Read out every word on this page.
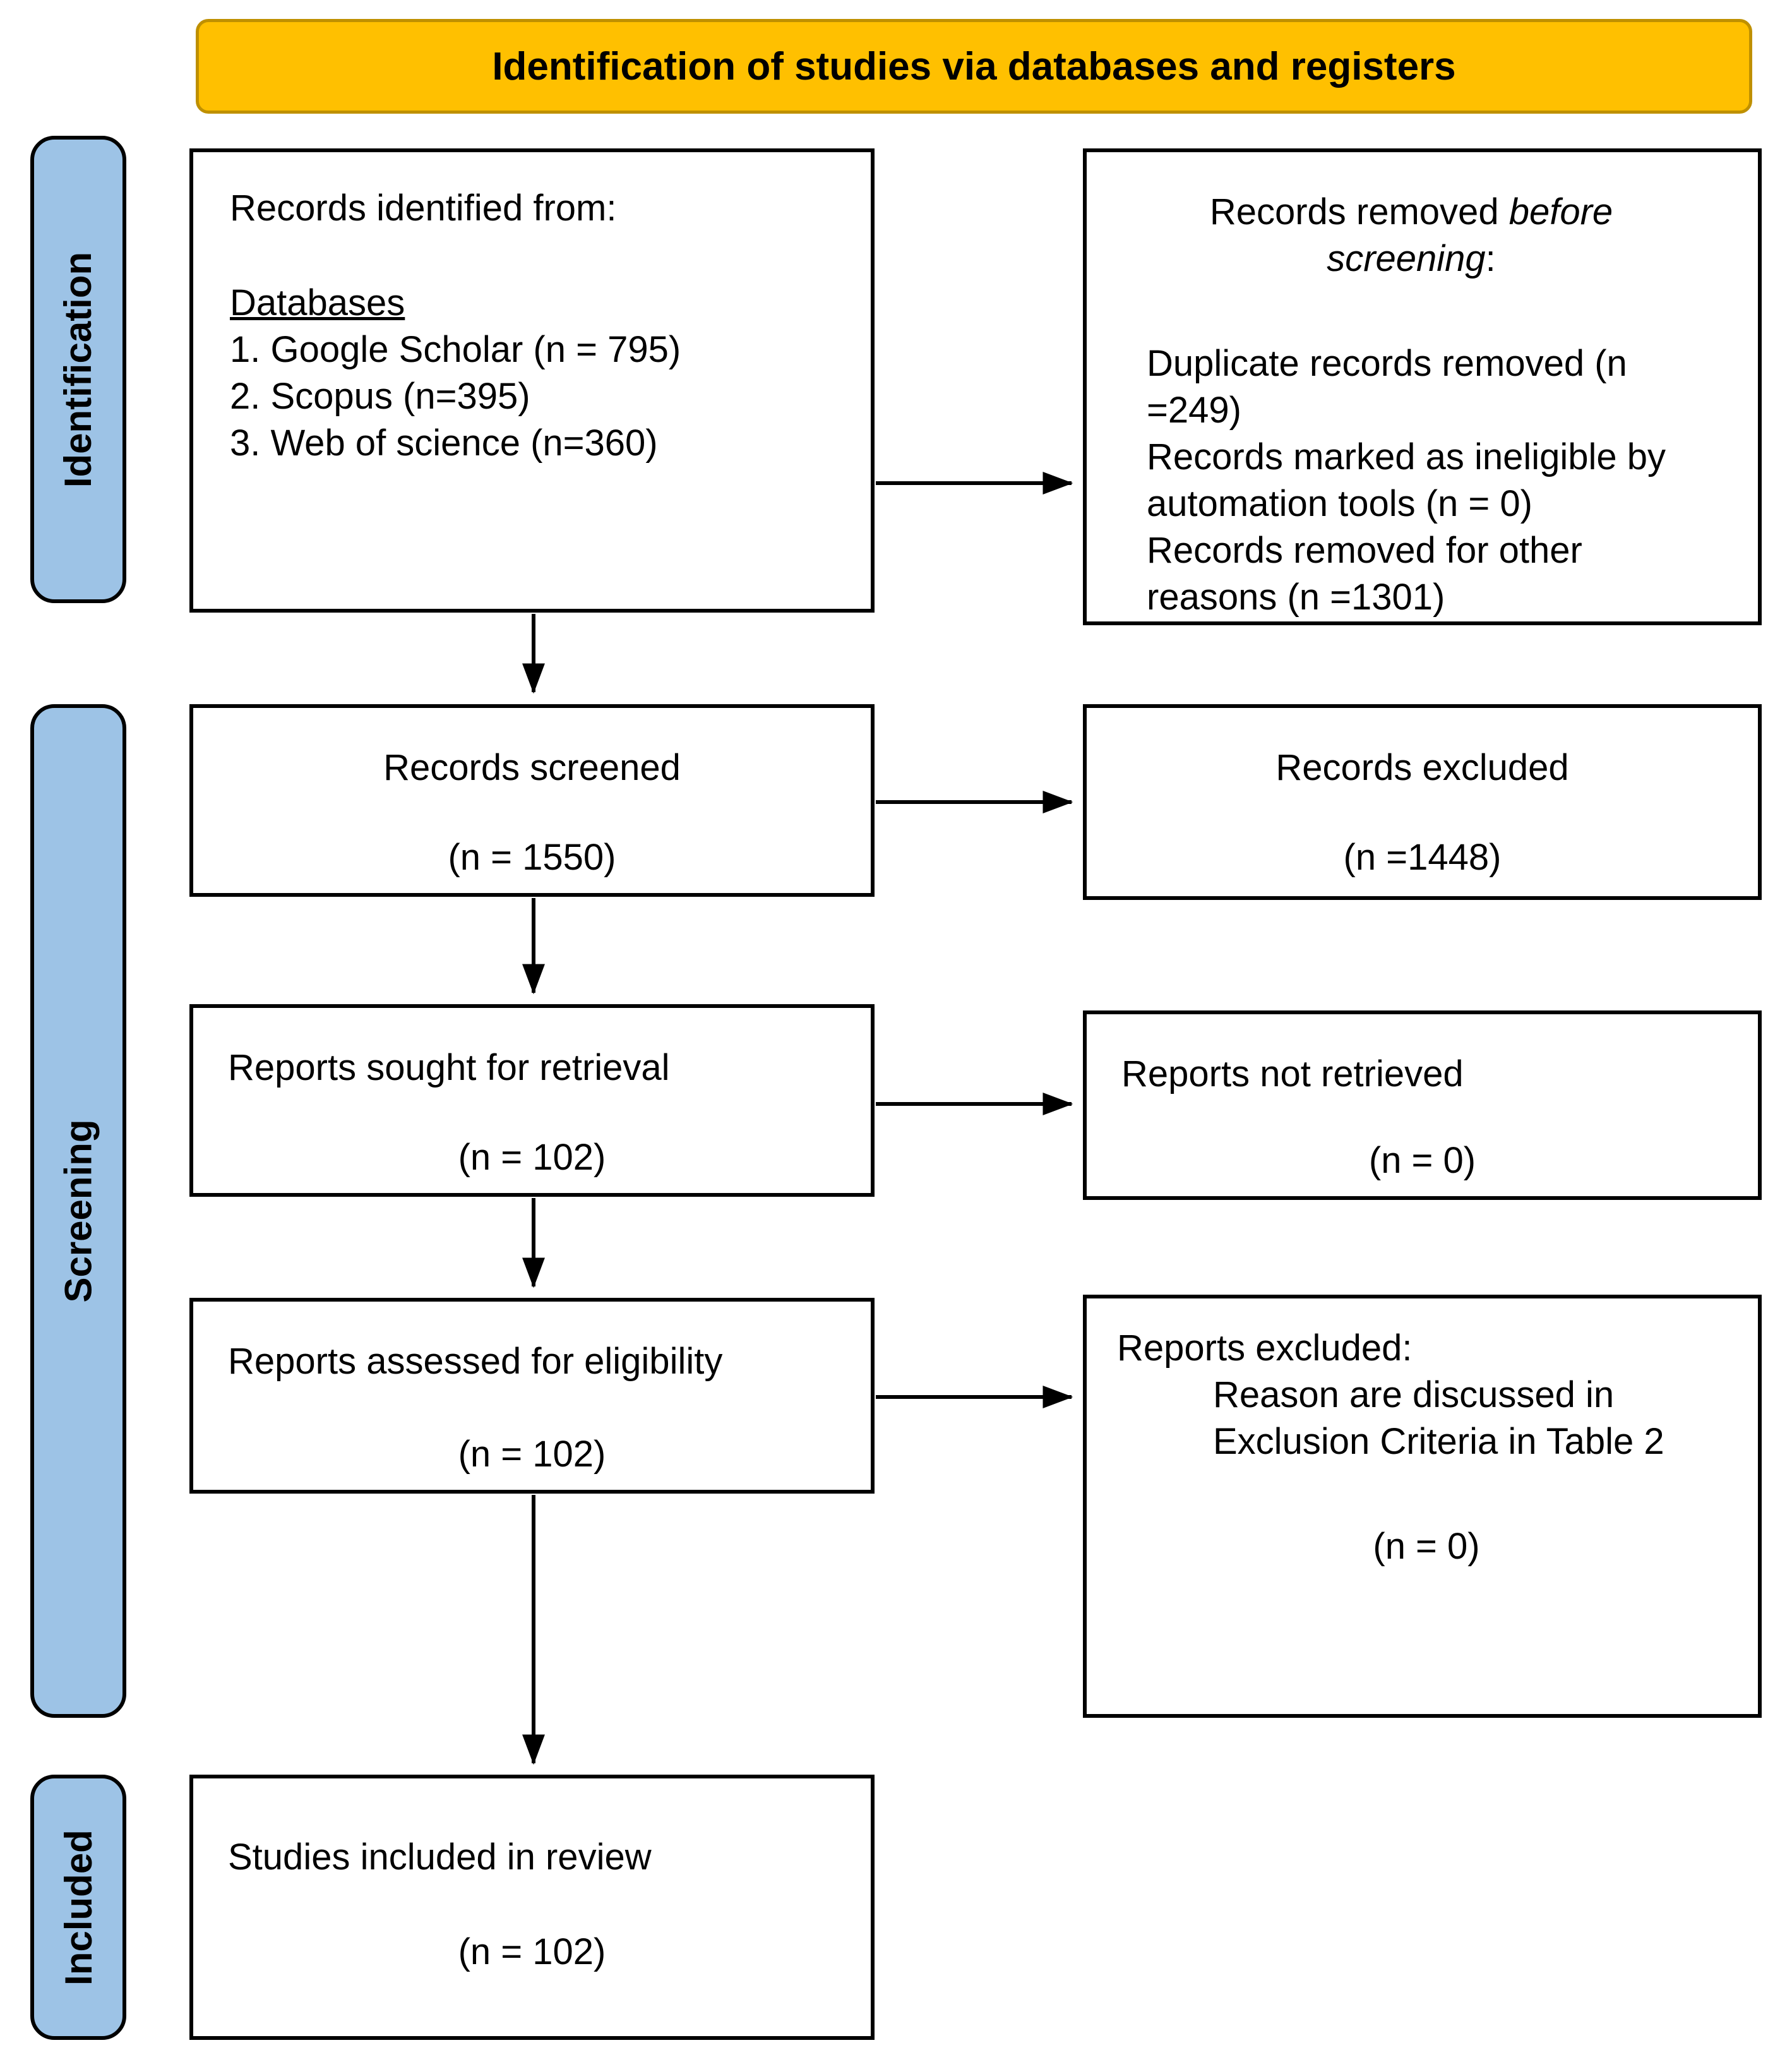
Identification of studies via databases and registers
Identification
Screening
Included
Records identified from:
Databases
1. Google Scholar (n = 795)
2. Scopus (n=395)
3. Web of science (n=360)
Records removed before screening:
Duplicate records removed (n =249)
Records marked as ineligible by automation tools (n = 0)
Records removed for other reasons (n =1301)
Records screened
(n = 1550)
Records excluded
(n =1448)
Reports sought for retrieval
(n = 102)
Reports not retrieved
(n = 0)
Reports assessed for eligibility
(n = 102)
Reports excluded:
Reason are discussed in Exclusion Criteria in Table 2
(n = 0)
Studies included in review
(n = 102)
